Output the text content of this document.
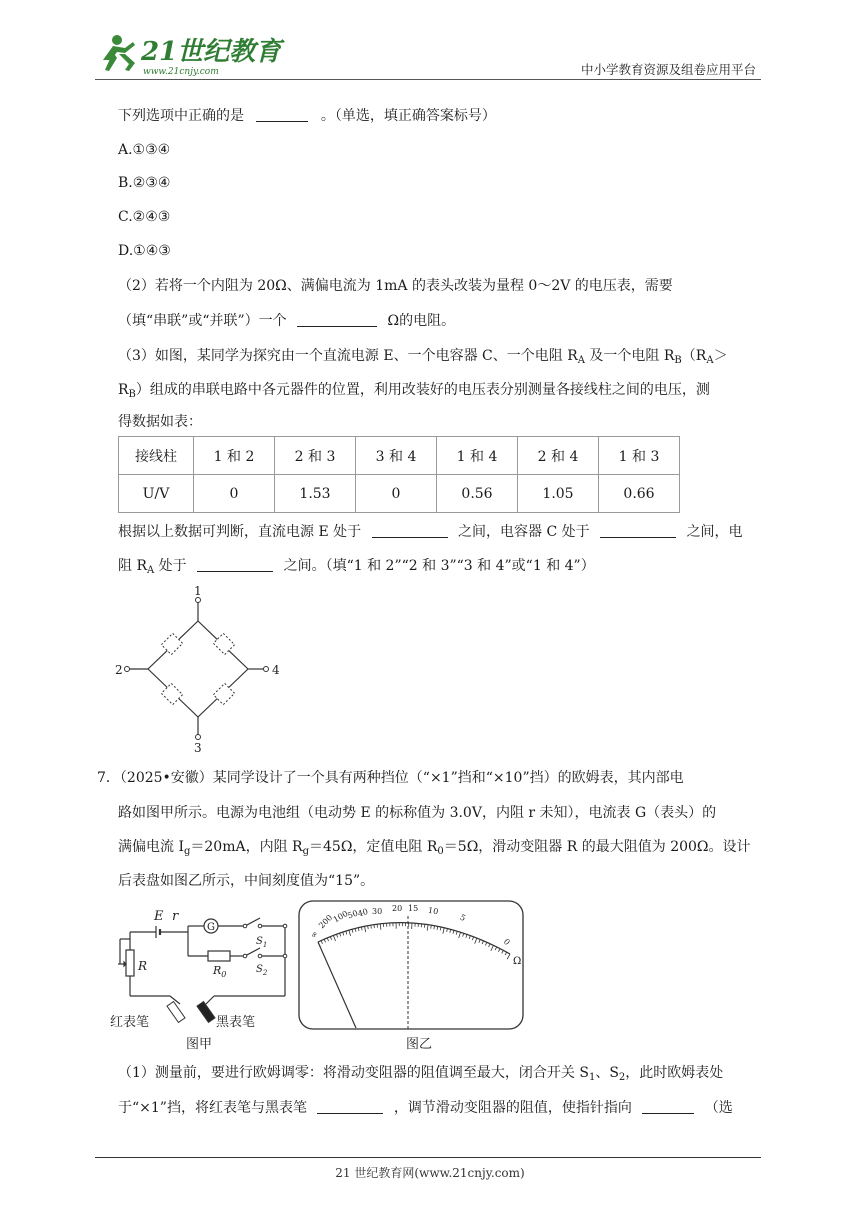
21世纪教育
www.21cnjy.com	中小学教育资源及组卷应用平台
下列选项中正确的是	。（单选，填正确答案标号）
A.①③④
B.②③④
C.②④③
D.①④③
（2）若将一个内阻为 20Ω、满偏电流为 1mA 的表头改装为量程 0～2V 的电压表，需要
（填“串联”或“并联”）一个	Ω的电阻。
（3）如图，某同学为探究由一个直流电源 E、一个电容器 C、一个电阻 $R_A$ 及一个电阻 $R_B(R_A>$
$R_B$）组成的串联电路中各元器件的位置，利用改装好的电压表分别测量各接线柱之间的电压，测
得数据如表：
接线柱	1 和 2	2 和 3	3 和 4	1 和 4	2 和 4	1 和 3
U/V	0	1.53	0	0.56	1.05	0.66
根据以上数据可判断，直流电源 E 处于	之间，电容器 C 处于	之间，电
阻 $R_A$ 处于	之间。（填“1 和 2”“2 和 3”“3 和 4”或“1 和 4”）
1
3
2	4
7．（2025•安徽）某同学设计了一个具有两种挡位（“×1”挡和“×10”挡）的欧姆表，其内部电
路如图甲所示。电源为电池组（电动势 E 的标称值为 3.0V，内阻 r 未知），电流表 G（表头）的
满偏电流 $I_g=20mA$，内阻 $R_g=45\Omega$，定值电阻 $R_0=5\Omega$，滑动变阻器 R 的最大阻值为 200Ω。设计
后表盘如图乙所示，中间刻度值为“15”。
E r
G
R	$R_0$
$S_1$
$S_2$
红表笔	黑表笔
图甲
∞
200
100
50
40 30 20 15 10
5
0
Ω
图乙
（1）测量前，要进行欧姆调零：将滑动变阻器的阻值调至最大，闭合开关 $S_1$、$S_2$，此时欧姆表处
于“×1”挡，将红表笔与黑表笔	，调节滑动变阻器的阻值，使指针指向	（选
21 世纪教育网(www.21cnjy.com)
